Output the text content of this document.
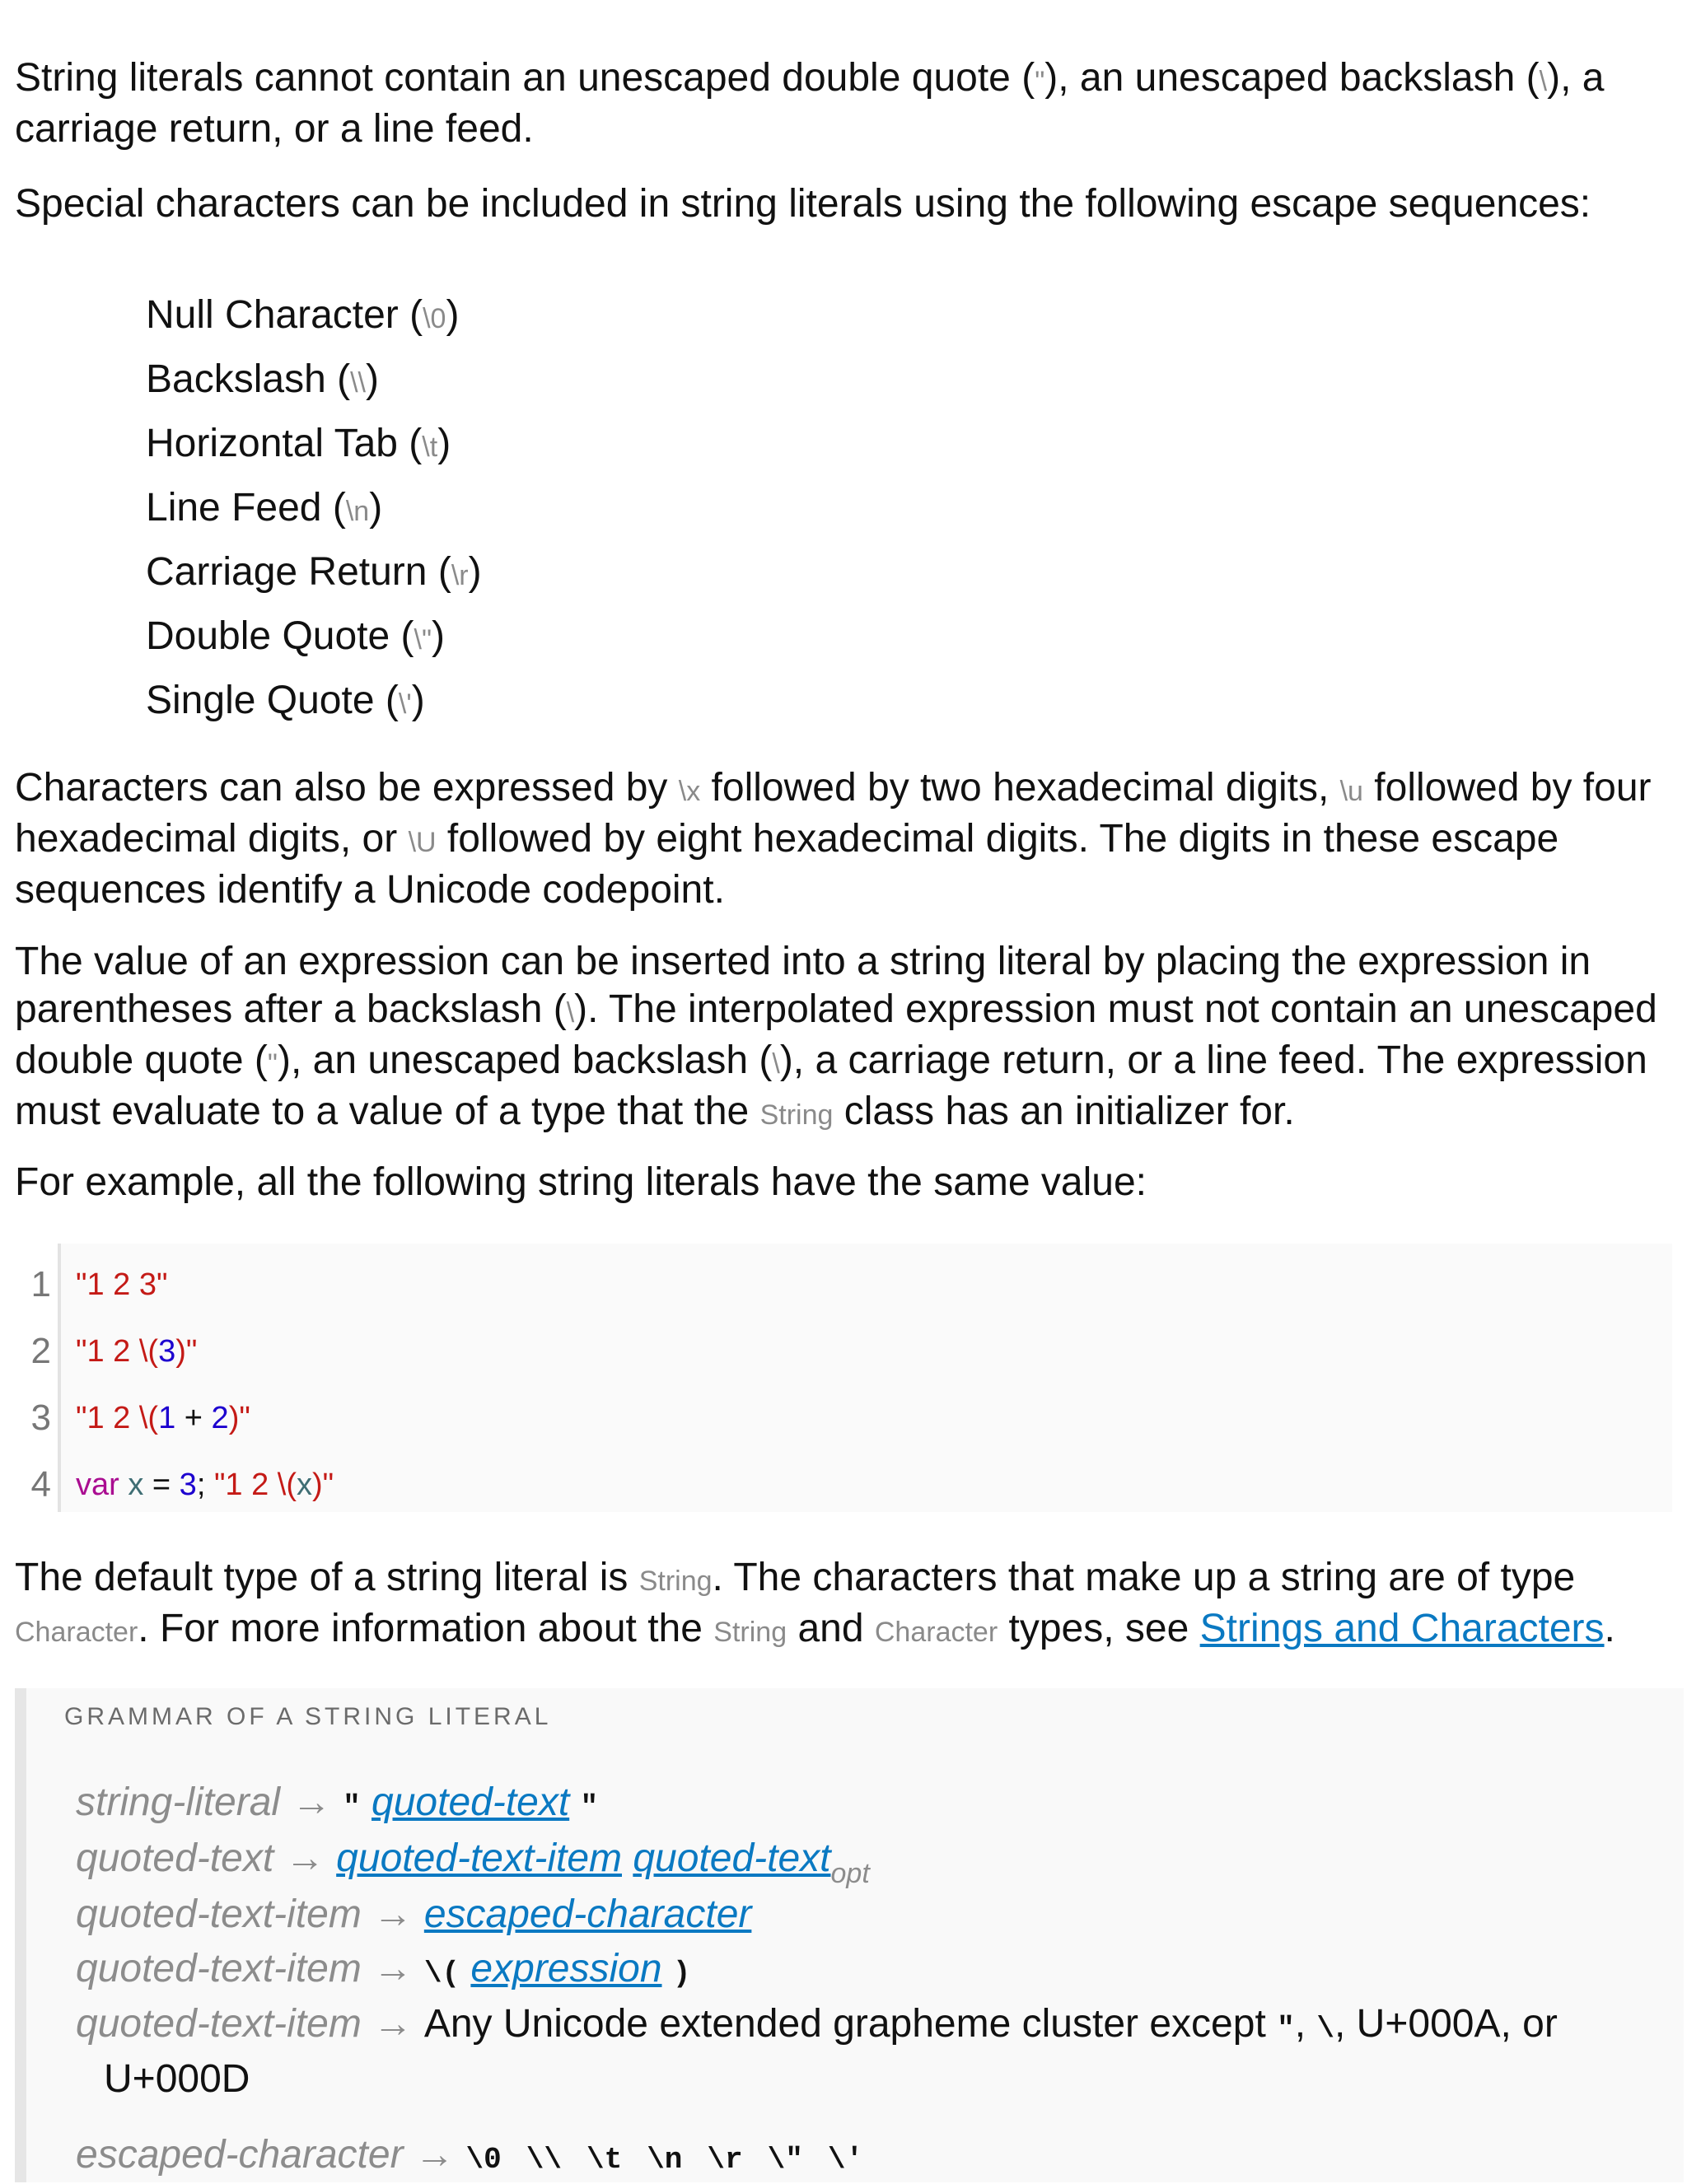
String literals cannot contain an unescaped double quote ("), an unescaped backslash (\), a carriage return, or a line feed.

Special characters can be included in string literals using the following escape sequences:

Null Character (\0)
Backslash (\\)
Horizontal Tab (\t)
Line Feed (\n)
Carriage Return (\r)
Double Quote (\")
Single Quote (\')

Characters can also be expressed by \x followed by two hexadecimal digits, \u followed by four hexadecimal digits, or \U followed by eight hexadecimal digits. The digits in these escape sequences identify a Unicode codepoint.

The value of an expression can be inserted into a string literal by placing the expression in parentheses after a backslash (\). The interpolated expression must not contain an unescaped double quote ("), an unescaped backslash (\), a carriage return, or a line feed. The expression must evaluate to a value of a type that the String class has an initializer for.

For example, all the following string literals have the same value:

1 "1 2 3"
2 "1 2 \(3)"
3 "1 2 \(1 + 2)"
4 var x = 3; "1 2 \(x)"

The default type of a string literal is String. The characters that make up a string are of type Character. For more information about the String and Character types, see Strings and Characters.

GRAMMAR OF A STRING LITERAL
string-literal → " quoted-text "
quoted-text → quoted-text-item quoted-text$_{opt}$
quoted-text-item → escaped-character
quoted-text-item → \( expression )
quoted-text-item → Any Unicode extended grapheme cluster except ", \, U+000A, or
U+000D
escaped-character → \0 \\ \t \n \r \" \'
